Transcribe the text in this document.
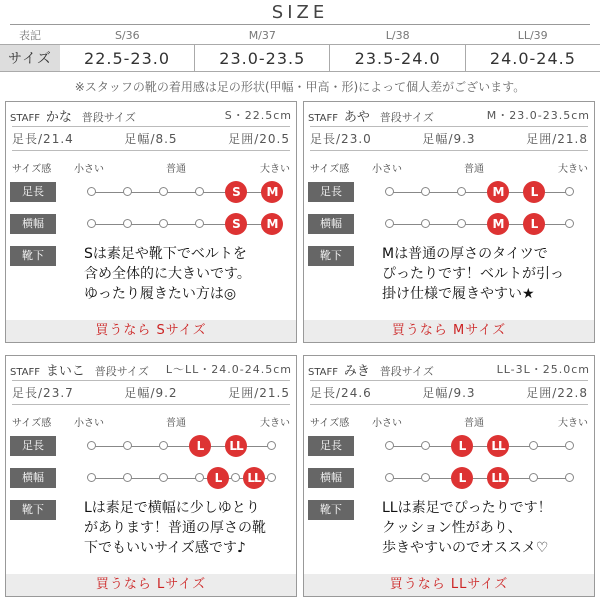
SIZE
表記	S/36	M/37	L/38	LL/39
サイズ	22.5-23.0	23.0-23.5	23.5-24.0	24.0-24.5
※スタッフの靴の着用感は足の形状(甲幅・甲高・形)によって個人差がございます。
STAFF かな 普段サイズ	S・22.5cm
足長/21.4	足幅/8.5	足囲/20.5
サイズ感 小さい	普通	大きい
足長	S	M
横幅	S	M
靴下	Sは素足や靴下でベルトを
含め全体的に大きいです。
ゆったり履きたい方は◎
買うなら Sサイズ
STAFF あや 普段サイズ	M・23.0-23.5cm
足長/23.0	足幅/9.3	足囲/21.8
サイズ感 小さい	普通	大きい
足長	M	L
横幅	M	L
靴下	Mは普通の厚さのタイツで
ぴったりです！ベルトが引っ
掛け仕様で履きやすい★
買うなら Mサイズ
STAFF まいこ 普段サイズ L～LL・24.0-24.5cm
足長/23.7	足幅/9.2	足囲/21.5
サイズ感 小さい	普通	大きい
足長	L	LL
横幅	L	LL
靴下	Lは素足で横幅に少しゆとり
があります！普通の厚さの靴
下でもいいサイズ感です♪
買うなら Lサイズ
STAFF みき 普段サイズ	LL-3L・25.0cm
足長/24.6	足幅/9.3	足囲/22.8
サイズ感 小さい	普通	大きい
足長	L	LL
横幅	L	LL
靴下	LLは素足でぴったりです！
クッション性があり、
歩きやすいのでオススメ♡
買うなら LLサイズ
